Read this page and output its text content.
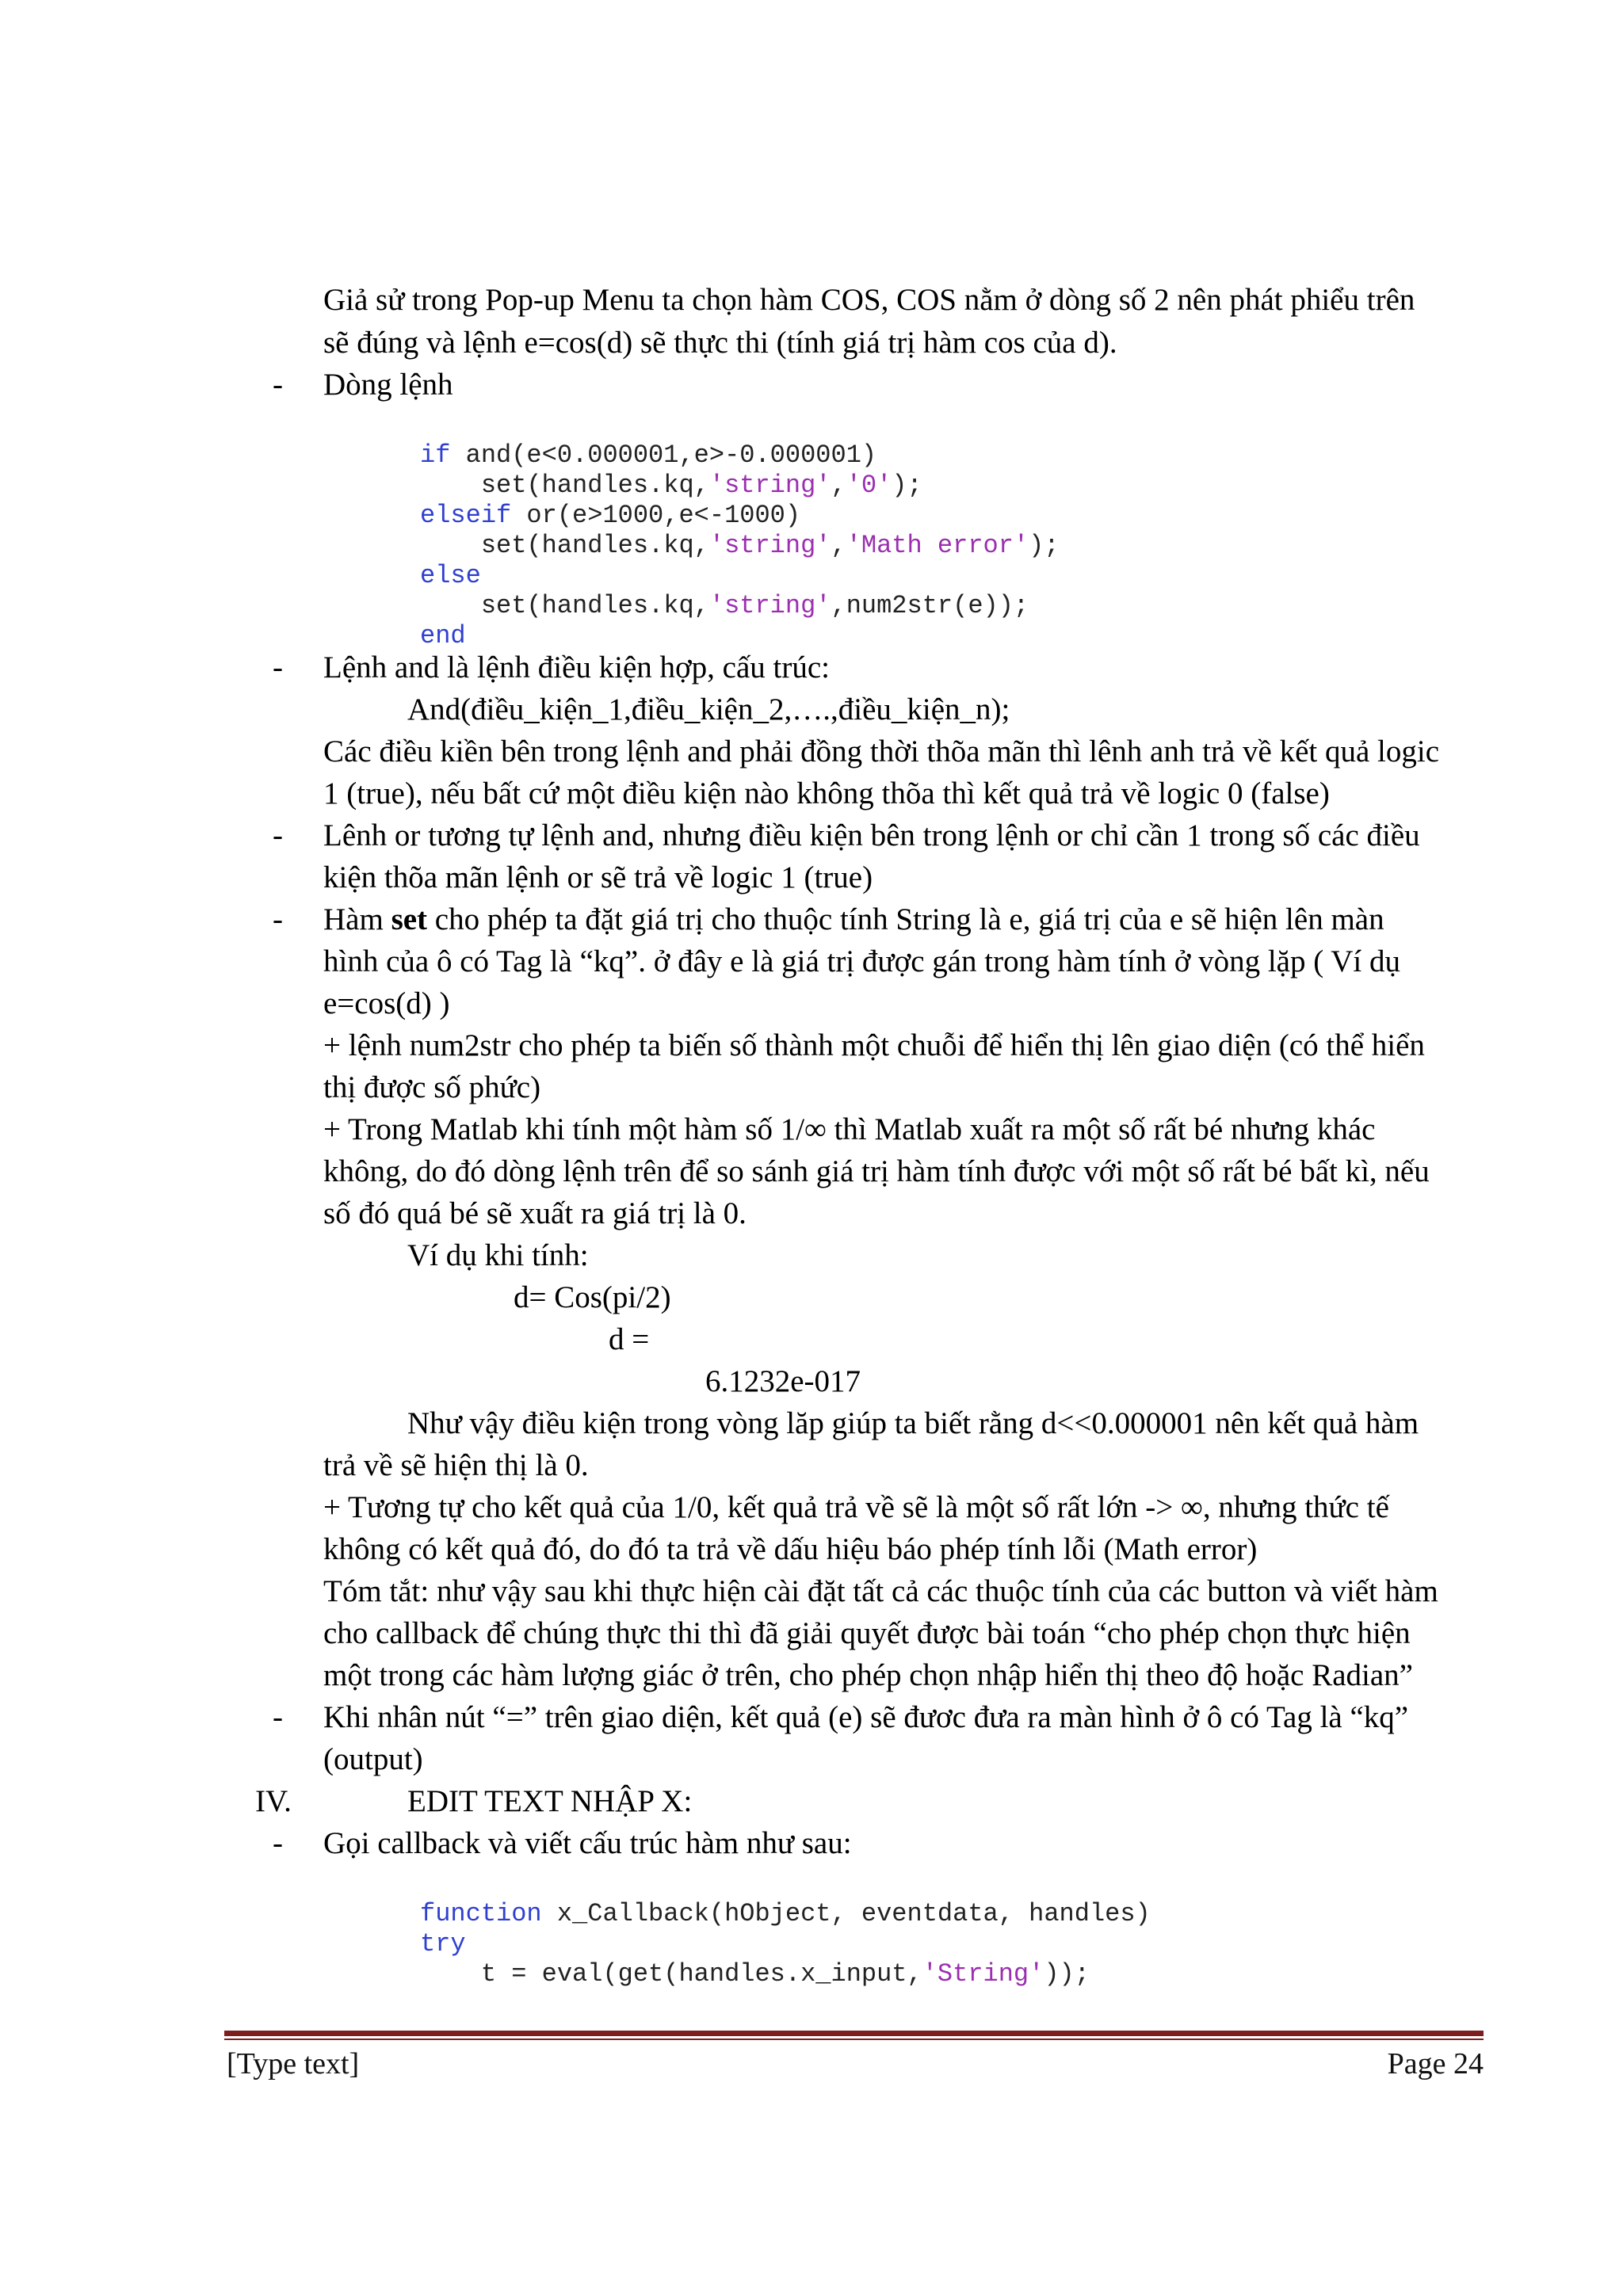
Giả sử trong Pop-up Menu ta chọn hàm COS, COS nằm ở dòng số 2 nên phát phiểu trên
sẽ đúng và lệnh e=cos(d) sẽ thực thi (tính giá trị hàm cos của d).
- Dòng lệnh
if and(e<0.000001,e>-0.000001)
set(handles.kq,'string','0');
elseif or(e>1000,e<-1000)
set(handles.kq,'string','Math error');
else
set(handles.kq,'string',num2str(e));
end
- Lệnh and là lệnh điều kiện hợp, cấu trúc:
And(điều_kiện_1,điều_kiện_2,….,điều_kiện_n);
Các điều kiền bên trong lệnh and phải đồng thời thõa mãn thì lênh anh trả về kết quả logic
1 (true), nếu bất cứ một điều kiện nào không thõa thì kết quả trả về logic 0 (false)
- Lênh or tương tự lệnh and, nhưng điều kiện bên trong lệnh or chỉ cần 1 trong số các điều
kiện thõa mãn lệnh or sẽ trả về logic 1 (true)
- Hàm set cho phép ta đặt giá trị cho thuộc tính String là e, giá trị của e sẽ hiện lên màn
hình của ô có Tag là “kq”. ở đây e là giá trị được gán trong hàm tính ở vòng lặp ( Ví dụ
e=cos(d) )
+ lệnh num2str cho phép ta biến số thành một chuỗi để hiển thị lên giao diện (có thể hiển
thị được số phức)
+ Trong Matlab khi tính một hàm số 1/∞ thì Matlab xuất ra một số rất bé nhưng khác
không, do đó dòng lệnh trên để so sánh giá trị hàm tính được với một số rất bé bất kì, nếu
số đó quá bé sẽ xuất ra giá trị là 0.
Ví dụ khi tính:
d= Cos(pi/2)
d =
6.1232e-017
Như vậy điều kiện trong vòng lăp giúp ta biết rằng d<<0.000001 nên kết quả hàm
trả về sẽ hiện thị là 0.
+ Tương tự cho kết quả của 1/0, kết quả trả về sẽ là một số rất lớn -> ∞, nhưng thức tế
không có kết quả đó, do đó ta trả về dấu hiệu báo phép tính lỗi (Math error)
Tóm tắt: như vậy sau khi thực hiện cài đặt tất cả các thuộc tính của các button và viết hàm
cho callback để chúng thực thi thì đã giải quyết được bài toán “cho phép chọn thực hiện
một trong các hàm lượng giác ở trên, cho phép chọn nhập hiển thị theo độ hoặc Radian”
- Khi nhân nút “=” trên giao diện, kết quả (e) sẽ đươc đưa ra màn hình ở ô có Tag là “kq”
(output)
IV.	EDIT TEXT NHẬP X:
- Gọi callback và viết cấu trúc hàm như sau:
function x_Callback(hObject, eventdata, handles)
try
t = eval(get(handles.x_input,'String'));
[Type text]	Page 24
